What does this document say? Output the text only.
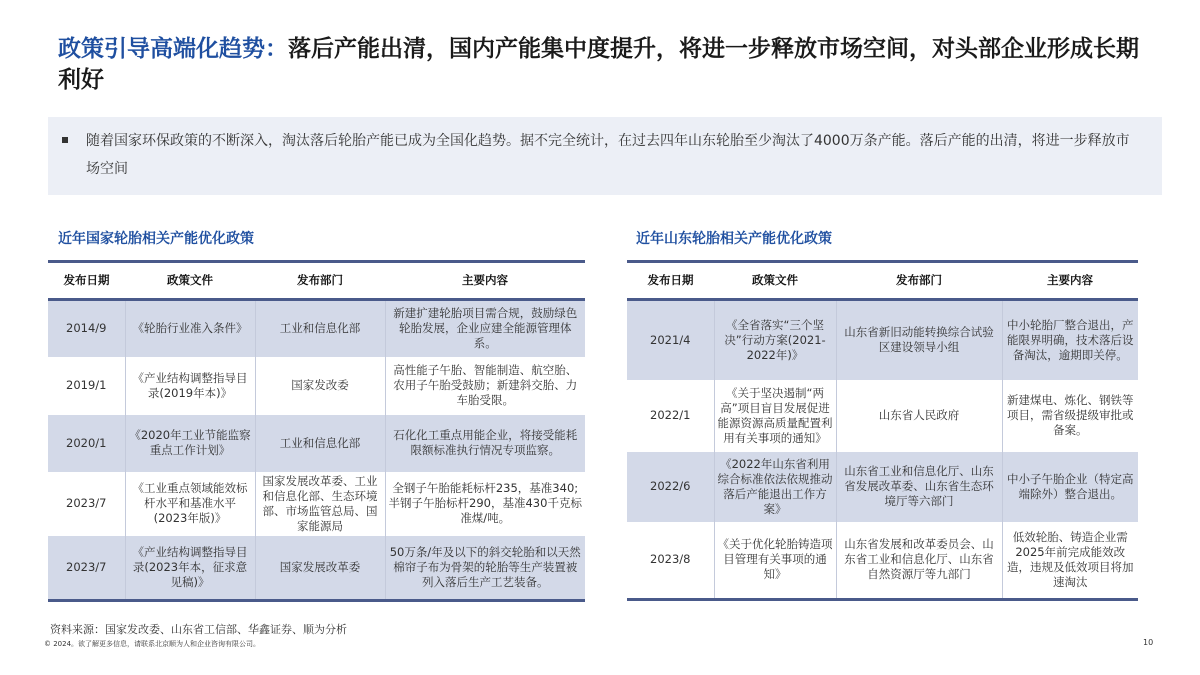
政策引导高端化趋势：落后产能出清，国内产能集中度提升，将进一步释放市场空间，对头部企业形成长期利好
随着国家环保政策的不断深入，淘汰落后轮胎产能已成为全国化趋势。据不完全统计，在过去四年山东轮胎至少淘汰了4000万条产能。落后产能的出清，将进一步释放市场空间
近年国家轮胎相关产能优化政策
发布日期	政策文件	发布部门	主要内容
2014/9	《轮胎行业准入条件》	工业和信息化部	新建扩建轮胎项目需合规，鼓励绿色轮胎发展，企业应建全能源管理体系。
2019/1	《产业结构调整指导目录(2019年本)》	国家发改委	高性能子午胎、智能制造、航空胎、农用子午胎受鼓励；新建斜交胎、力车胎受限。
2020/1	《2020年工业节能监察重点工作计划》	工业和信息化部	石化化工重点用能企业，将接受能耗限额标准执行情况专项监察。
2023/7	《工业重点领域能效标杆水平和基准水平(2023年版)》	国家发展改革委、工业和信息化部、生态环境部、市场监管总局、国家能源局	全钢子午胎能耗标杆235，基准340;半钢子午胎标杆290，基准430千克标准煤/吨。
2023/7	《产业结构调整指导目录(2023年本，征求意见稿)》	国家发展改革委	50万条/年及以下的斜交轮胎和以天然棉帘子布为骨架的轮胎等生产装置被列入落后生产工艺装备。
近年山东轮胎相关产能优化政策
发布日期	政策文件	发布部门	主要内容
2021/4	《全省落实“三个坚决”行动方案(2021-2022年)》	山东省新旧动能转换综合试验区建设领导小组	中小轮胎厂整合退出，产能限界明确，技术落后设备淘汰，逾期即关停。
2022/1	《关于坚决遏制“两高”项目盲目发展促进能源资源高质量配置利用有关事项的通知》	山东省人民政府	新建煤电、炼化、钢铁等项目，需省级提级审批或备案。
2022/6	《2022年山东省利用综合标准依法依规推动落后产能退出工作方案》	山东省工业和信息化厅、山东省发展改革委、山东省生态环境厅等六部门	中小子午胎企业（特定高端除外）整合退出。
2023/8	《关于优化轮胎铸造项目管理有关事项的通知》	山东省发展和改革委员会、山东省工业和信息化厅、山东省自然资源厅等九部门	低效轮胎、铸造企业需2025年前完成能效改造，违规及低效项目将加速淘汰
资料来源：国家发改委、山东省工信部、华鑫证券、顺为分析
© 2024。欲了解更多信息，请联系北京顺为人和企业咨询有限公司。	10
